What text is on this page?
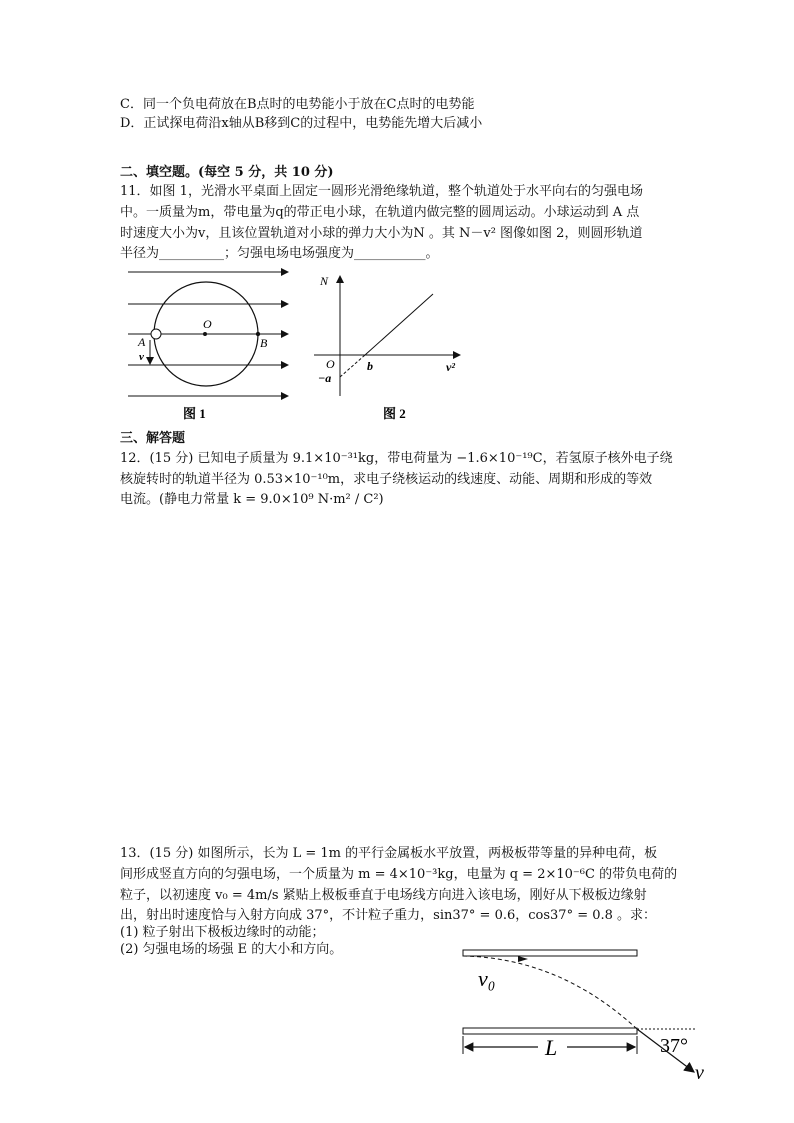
C．同一个负电荷放在B点时的电势能小于放在C点时的电势能
D．正试探电荷沿x轴从B移到C的过程中，电势能先增大后减小
二、填空题。(每空 5 分，共 10 分)
11．如图 1，光滑水平桌面上固定一圆形光滑绝缘轨道，整个轨道处于水平向右的匀强电场
中。一质量为m，带电量为q的带正电小球，在轨道内做完整的圆周运动。小球运动到 A 点
时速度大小为v，且该位置轨道对小球的弹力大小为N 。其 N－v² 图像如图 2，则圆形轨道
半径为__________；匀强电场电场强度为___________。
O
A	B
v
图 1
N
O
−a
b	v²
图 2
三、解答题
12．(15 分) 已知电子质量为 9.1×10⁻³¹kg，带电荷量为 −1.6×10⁻¹⁹C，若氢原子核外电子绕
核旋转时的轨道半径为 0.53×10⁻¹⁰m，求电子绕核运动的线速度、动能、周期和形成的等效
电流。(静电力常量 k = 9.0×10⁹ N·m² / C²)
13．(15 分) 如图所示，长为 L = 1m 的平行金属板水平放置，两极板带等量的异种电荷，板
间形成竖直方向的匀强电场，一个质量为 m = 4×10⁻³kg，电量为 q = 2×10⁻⁶C 的带负电荷的
粒子，以初速度 v₀ = 4m/s 紧贴上极板垂直于电场线方向进入该电场，刚好从下极板边缘射
出，射出时速度恰与入射方向成 37°，不计粒子重力，sin37° = 0.6，cos37° = 0.8 。求：
(1) 粒子射出下极板边缘时的动能；
(2) 匀强电场的场强 E 的大小和方向。
v₀
L	37°
v
